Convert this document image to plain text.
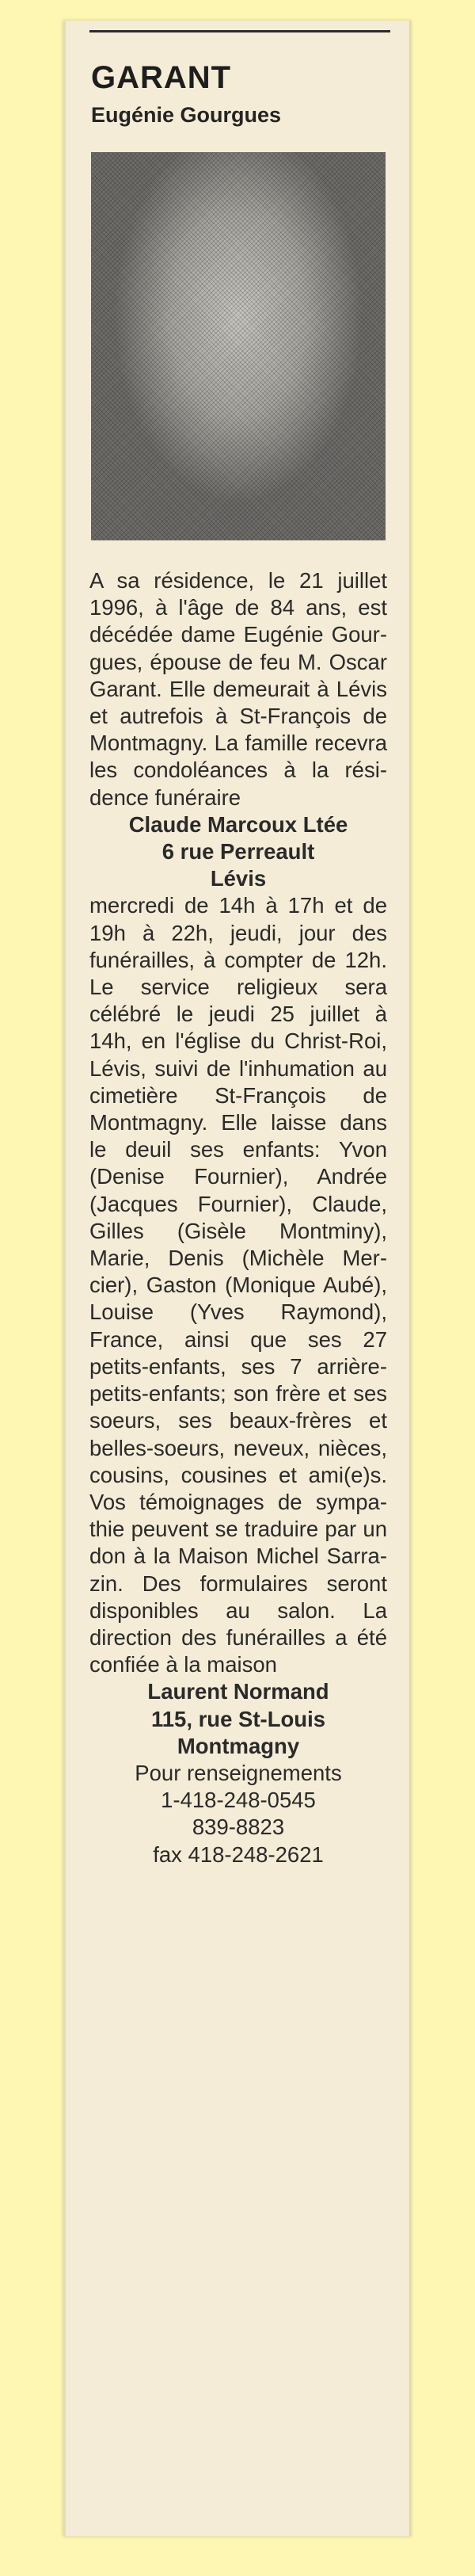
GARANT
Eugénie Gourgues

A sa résidence, le 21 juillet 1996, à l'âge de 84 ans, est décédée dame Eugénie Gourgues, épouse de feu M. Oscar Garant. Elle demeurait à Lévis et autrefois à St-François de Montmagny. La famille recevra les condoléances à la résidence funéraire

Claude Marcoux Ltée

6 rue Perreault

Lévis

mercredi de 14h à 17h et de 19h à 22h, jeudi, jour des funérailles, à compter de 12h. Le service religieux sera célébré le jeudi 25 juillet à 14h, en l'église du Christ-Roi, Lévis, suivi de l'inhumation au cimetière St-François de Montmagny. Elle laisse dans le deuil ses enfants: Yvon (Denise Fournier), Andrée (Jacques Fournier), Claude, Gilles (Gisèle Montminy), Marie, Denis (Michèle Mercier), Gaston (Monique Aubé), Louise (Yves Raymond), France, ainsi que ses 27 petits-enfants, ses 7 arrière-petits-enfants; son frère et ses soeurs, ses beaux-frères et belles-soeurs, neveux, nièces, cousins, cousines et ami(e)s. Vos témoignages de sympathie peuvent se traduire par un don à la Maison Michel Sarrazin. Des formulaires seront disponibles au salon. La direction des funérailles a été confiée à la maison

Laurent Normand

115, rue St-Louis

Montmagny

Pour renseignements

1-418-248-0545

839-8823

fax 418-248-2621
